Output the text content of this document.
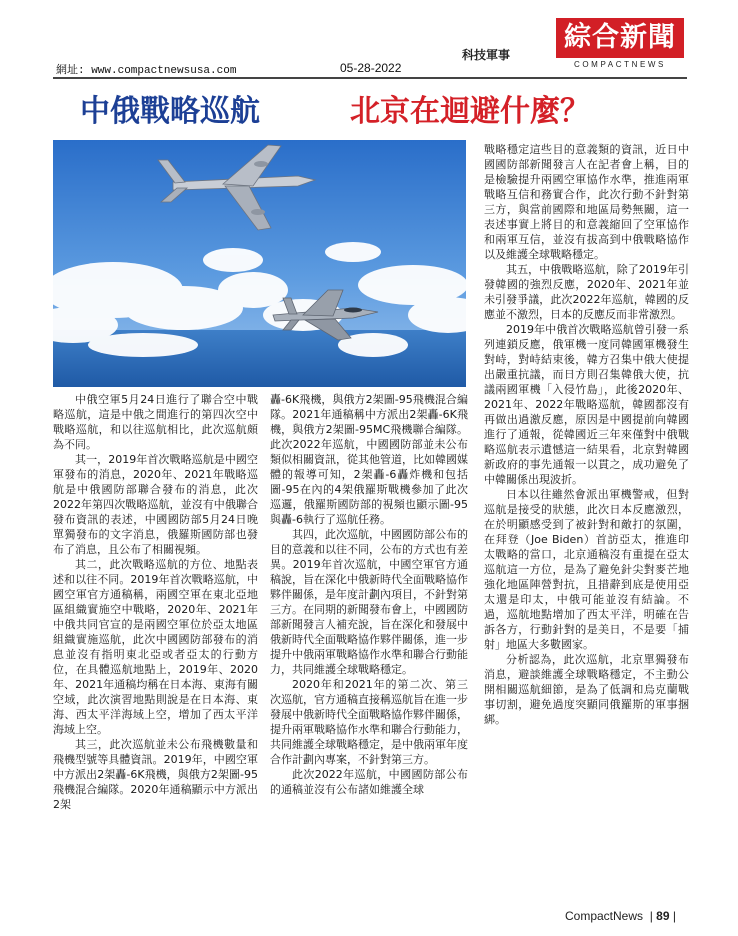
科技軍事
綜合新聞
COMPACTNEWS
網址: www.compactnewsusa.com	05-28-2022
中俄戰略巡航	北京在迴避什麼？

中俄空軍5月24日進行了聯合空中戰略巡航，這是中俄之間進行的第四次空中戰略巡航，和以往巡航相比，此次巡航頗為不同。

其一，2019年首次戰略巡航是中國空軍發布的消息，2020年、2021年戰略巡航是中俄國防部聯合發布的消息，此次2022年第四次戰略巡航，並沒有中俄聯合發布資訊的表述，中國國防部5月24日晚單獨發布的文字消息，俄羅斯國防部也發布了消息，且公布了相關視頻。

其二，此次戰略巡航的方位、地點表述和以往不同。2019年首次戰略巡航，中國空軍官方通稿稱，兩國空軍在東北亞地區組織實施空中戰略，2020年、2021年中俄共同官宣的是兩國空軍位於亞太地區組織實施巡航，此次中國國防部發布的消息並沒有指明東北亞或者亞太的行動方位，在具體巡航地點上，2019年、2020年、2021年通稿均稱在日本海、東海有關空域，此次演習地點則說是在日本海、東海、西太平洋海域上空，增加了西太平洋海域上空。

其三，此次巡航並未公布飛機數量和飛機型號等具體資訊。2019年，中國空軍中方派出2架轟-6K飛機，與俄方2架圖-95飛機混合編隊。2020年通稿顯示中方派出2架

轟-6K飛機，與俄方2架圖-95飛機混合編隊。2021年通稿稱中方派出2架轟-6K飛機，與俄方2架圖-95MC飛機聯合編隊。此次2022年巡航，中國國防部並未公布類似相關資訊，從其他管道，比如韓國媒體的報導可知，2架轟-6轟炸機和包括圖-95在內的4架俄羅斯戰機參加了此次巡邏，俄羅斯國防部的視頻也顯示圖-95與轟-6執行了巡航任務。

其四，此次巡航，中國國防部公布的目的意義和以往不同，公布的方式也有差異。2019年首次巡航，中國空軍官方通稿說，旨在深化中俄新時代全面戰略協作夥伴關係，是年度計劃內項目，不針對第三方。在同期的新聞發布會上，中國國防部新聞發言人補充說，旨在深化和發展中俄新時代全面戰略協作夥伴關係，進一步提升中俄兩軍戰略協作水準和聯合行動能力，共同維護全球戰略穩定。

2020年和2021年的第二次、第三次巡航，官方通稿直接稱巡航旨在進一步發展中俄新時代全面戰略協作夥伴關係，提升兩軍戰略協作水準和聯合行動能力，共同維護全球戰略穩定，是中俄兩軍年度合作計劃內專案，不針對第三方。

此次2022年巡航，中國國防部公布的通稿並沒有公布諸如維護全球

戰略穩定這些目的意義類的資訊，近日中國國防部新聞發言人在記者會上稱，目的是檢驗提升兩國空軍協作水準，推進兩軍戰略互信和務實合作，此次行動不針對第三方，與當前國際和地區局勢無關，這一表述事實上將目的和意義縮回了空軍協作和兩軍互信，並沒有拔高到中俄戰略協作以及維護全球戰略穩定。

其五，中俄戰略巡航，除了2019年引發韓國的強烈反應，2020年、2021年並未引發爭議，此次2022年巡航，韓國的反應並不激烈，日本的反應反而非常激烈。

2019年中俄首次戰略巡航曾引發一系列連鎖反應，俄軍機一度同韓國軍機發生對峙，對峙結束後，韓方召集中俄大使提出嚴重抗議，而日方則召集韓俄大使，抗議兩國軍機「入侵竹島」，此後2020年、2021年、2022年戰略巡航，韓國都沒有再做出過激反應，原因是中國提前向韓國進行了通報，從韓國近三年來僅對中俄戰略巡航表示遺憾這一結果看，北京對韓國新政府的事先通報一以貫之，成功避免了中韓關係出現波折。

日本以往雖然會派出軍機警戒，但對巡航是接受的狀態，此次日本反應激烈，在於明顯感受到了被針對和敵打的氛圍，在拜登（Joe Biden）首訪亞太，推進印太戰略的當口，北京通稿沒有重提在亞太巡航這一方位，是為了避免針尖對麥芒地強化地區陣營對抗，且措辭到底是使用亞太還是印太，中俄可能並沒有結論。不過，巡航地點增加了西太平洋，明確在告訴各方，行動針對的是美日，不是要「捕射」地區大多數國家。

分析認為，此次巡航，北京單獨發布消息，避談維護全球戰略穩定，不主動公開相關巡航細節，是為了低調和烏克蘭戰事切割，避免過度突顯同俄羅斯的軍事捆綁。

CompactNews  | 89 |
